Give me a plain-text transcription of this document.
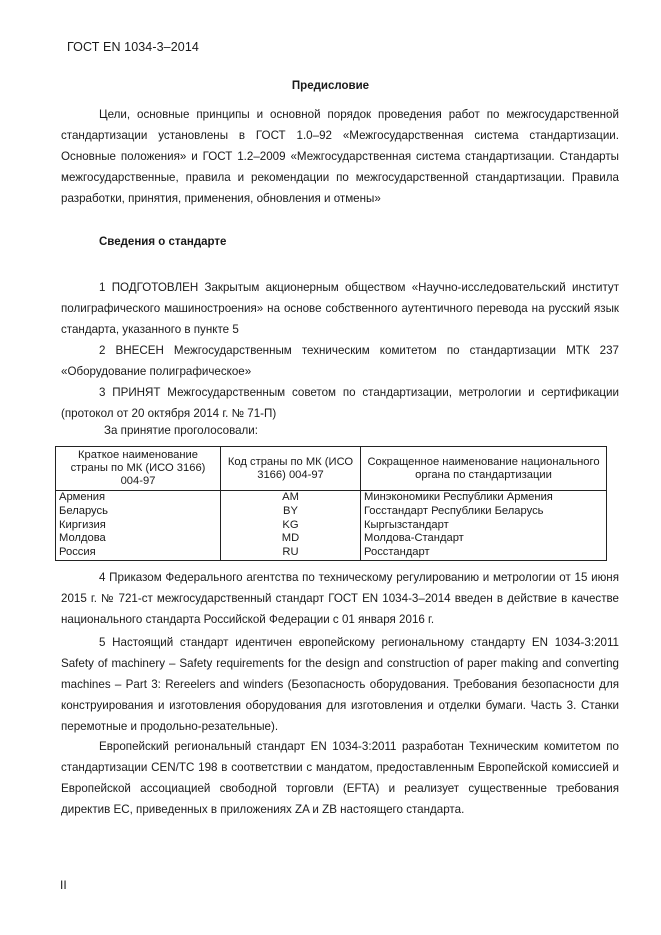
ГОСТ EN 1034-3–2014
Предисловие
Цели, основные принципы и основной порядок проведения работ по межгосударственной стандартизации установлены в ГОСТ 1.0–92 «Межгосударственная система стандартизации. Основные положения» и ГОСТ 1.2–2009 «Межгосударственная система стандартизации. Стандарты межгосударственные, правила и рекомендации по межгосударственной стандартизации. Правила разработки, принятия, применения, обновления и отмены»
Сведения о стандарте
1 ПОДГОТОВЛЕН Закрытым акционерным обществом «Научно-исследовательский институт полиграфического машиностроения» на основе собственного аутентичного перевода на русский язык стандарта, указанного в пункте 5
2 ВНЕСЕН Межгосударственным техническим комитетом по стандартизации МТК 237 «Оборудование полиграфическое»
3 ПРИНЯТ Межгосударственным советом по стандартизации, метрологии и сертификации (протокол от 20 октября 2014 г. № 71-П)
За принятие проголосовали:
Краткое наименование страны по МК (ИСО 3166) 004-97	Код страны по МК (ИСО 3166) 004-97	Сокращенное наименование национального органа по стандартизации
Армения	AM	Минэкономики Республики Армения
Беларусь	BY	Госстандарт Республики Беларусь
Киргизия	KG	Кыргызстандарт
Молдова	MD	Молдова-Стандарт
Россия	RU	Росстандарт
4 Приказом Федерального агентства по техническому регулированию и метрологии от 15 июня 2015 г. № 721-ст межгосударственный стандарт ГОСТ EN 1034-3–2014 введен в действие в качестве национального стандарта Российской Федерации с 01 января 2016 г.
5 Настоящий стандарт идентичен европейскому региональному стандарту EN 1034-3:2011 Safety of machinery – Safety requirements for the design and construction of paper making and converting machines – Part 3: Rereelers and winders (Безопасность оборудования. Требования безопасности для конструирования и изготовления оборудования для изготовления и отделки бумаги. Часть 3. Станки перемотные и продольно-резательные).
Европейский региональный стандарт EN 1034-3:2011 разработан Техническим комитетом по стандартизации CEN/TC 198 в соответствии с мандатом, предоставленным Европейской комиссией и Европейской ассоциацией свободной торговли (EFTA) и реализует существенные требования директив ЕС, приведенных в приложениях ZA и ZB настоящего стандарта.
II
